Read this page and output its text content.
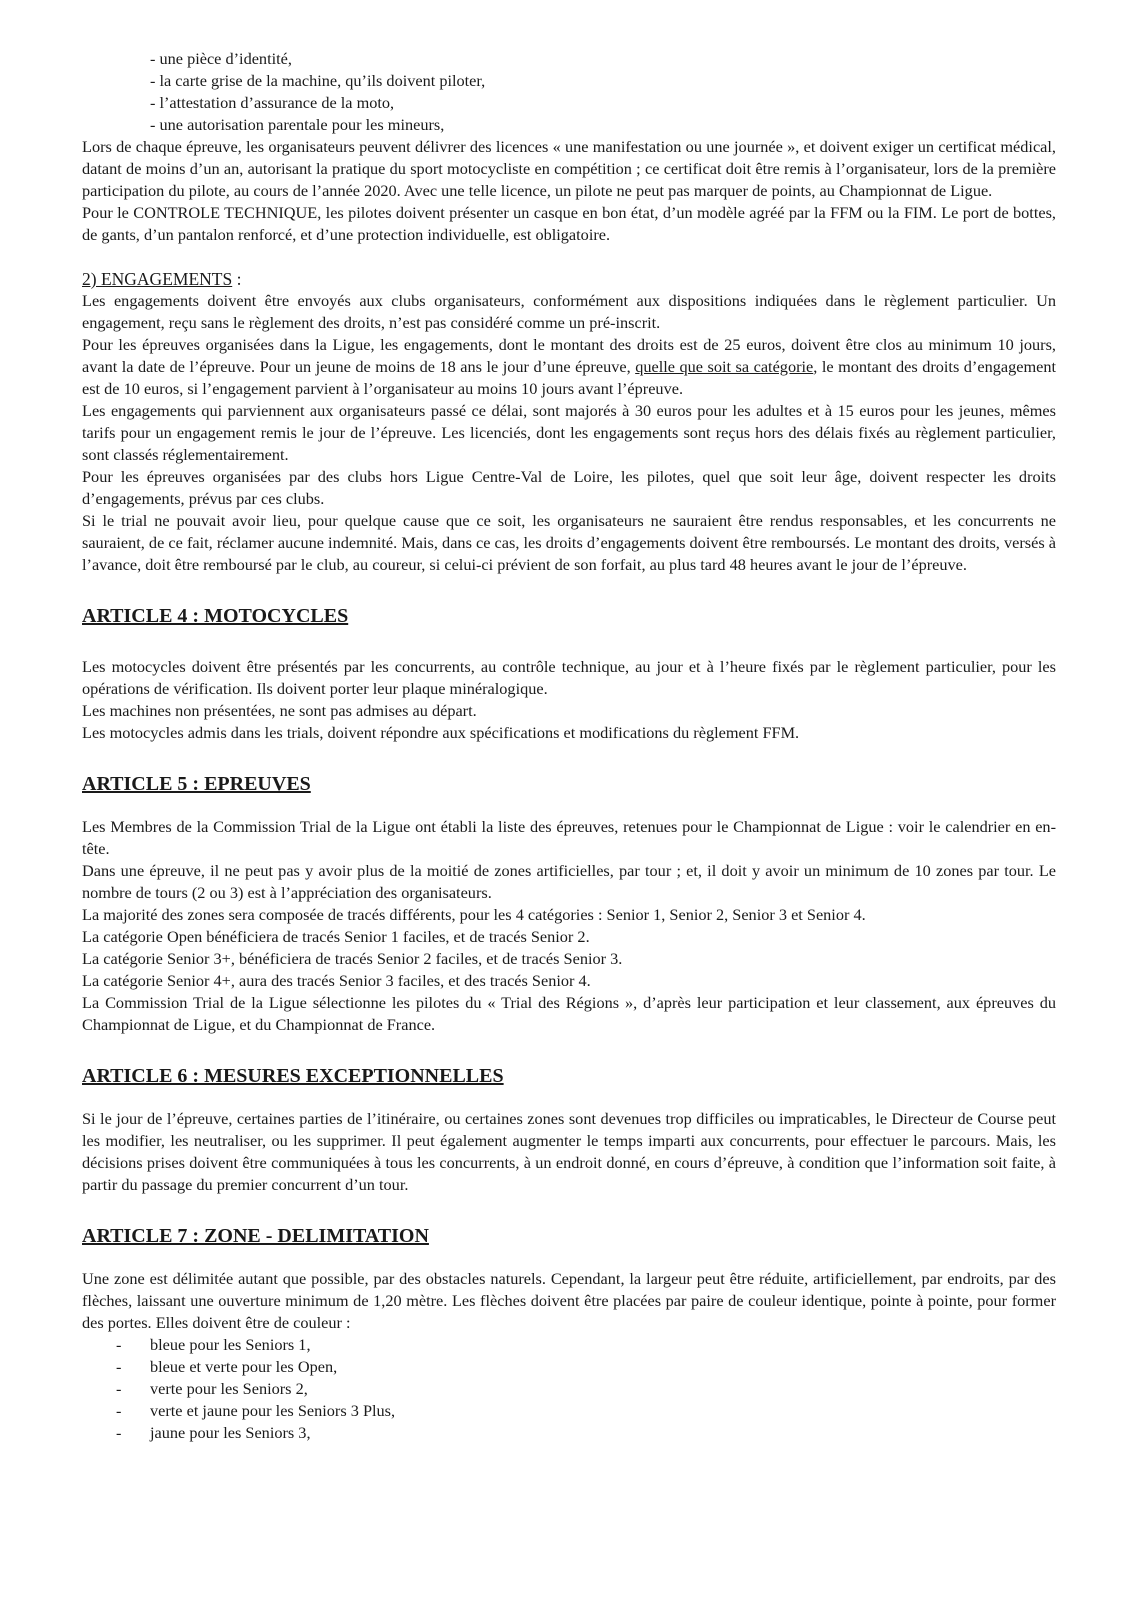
- une pièce d’identité,
- la carte grise de la machine, qu’ils doivent piloter,
- l’attestation d’assurance de la moto,
- une autorisation parentale pour les mineurs,

Lors de chaque épreuve, les organisateurs peuvent délivrer des licences « une manifestation ou une journée », et doivent exiger un certificat médical, datant de moins d’un an, autorisant la pratique du sport motocycliste en compétition ; ce certificat doit être remis à l’organisateur, lors de la première participation du pilote, au cours de l’année 2020. Avec une telle licence, un pilote ne peut pas marquer de points, au Championnat de Ligue.

Pour le CONTROLE TECHNIQUE, les pilotes doivent présenter un casque en bon état, d’un modèle agréé par la FFM ou la FIM. Le port de bottes, de gants, d’un pantalon renforcé, et d’une protection individuelle, est obligatoire.

2) ENGAGEMENTS :

Les engagements doivent être envoyés aux clubs organisateurs, conformément aux dispositions indiquées dans le règlement particulier. Un engagement, reçu sans le règlement des droits, n’est pas considéré comme un pré-inscrit.

Pour les épreuves organisées dans la Ligue, les engagements, dont le montant des droits est de 25 euros, doivent être clos au minimum 10 jours, avant la date de l’épreuve. Pour un jeune de moins de 18 ans le jour d’une épreuve, quelle que soit sa catégorie, le montant des droits d’engagement est de 10 euros, si l’engagement parvient à l’organisateur au moins 10 jours avant l’épreuve.

Les engagements qui parviennent aux organisateurs passé ce délai, sont majorés à 30 euros pour les adultes et à 15 euros pour les jeunes, mêmes tarifs pour un engagement remis le jour de l’épreuve. Les licenciés, dont les engagements sont reçus hors des délais fixés au règlement particulier, sont classés réglementairement.

Pour les épreuves organisées par des clubs hors Ligue Centre-Val de Loire, les pilotes, quel que soit leur âge, doivent respecter les droits d’engagements, prévus par ces clubs.

Si le trial ne pouvait avoir lieu, pour quelque cause que ce soit, les organisateurs ne sauraient être rendus responsables, et les concurrents ne sauraient, de ce fait, réclamer aucune indemnité. Mais, dans ce cas, les droits d’engagements doivent être remboursés. Le montant des droits, versés à l’avance, doit être remboursé par le club, au coureur, si celui-ci prévient de son forfait, au plus tard 48 heures avant le jour de l’épreuve.

ARTICLE 4 : MOTOCYCLES

Les motocycles doivent être présentés par les concurrents, au contrôle technique, au jour et à l’heure fixés par le règlement particulier, pour les opérations de vérification. Ils doivent porter leur plaque minéralogique.

Les machines non présentées, ne sont pas admises au départ.

Les motocycles admis dans les trials, doivent répondre aux spécifications et modifications du règlement FFM.

ARTICLE 5 : EPREUVES

Les Membres de la Commission Trial de la Ligue ont établi la liste des épreuves, retenues pour le Championnat de Ligue : voir le calendrier en en-tête.

Dans une épreuve, il ne peut pas y avoir plus de la moitié de zones artificielles, par tour ; et, il doit y avoir un minimum de 10 zones par tour. Le nombre de tours (2 ou 3) est à l’appréciation des organisateurs.

La majorité des zones sera composée de tracés différents, pour les 4 catégories : Senior 1, Senior 2, Senior 3 et Senior 4.

La catégorie Open bénéficiera de tracés Senior 1 faciles, et de tracés Senior 2.

La catégorie Senior 3+, bénéficiera de tracés Senior 2 faciles, et de tracés Senior 3.

La catégorie Senior 4+, aura des tracés Senior 3 faciles, et des tracés Senior 4.

La Commission Trial de la Ligue sélectionne les pilotes du « Trial des Régions », d’après leur participation et leur classement, aux épreuves du Championnat de Ligue, et du Championnat de France.

ARTICLE 6 : MESURES EXCEPTIONNELLES

Si le jour de l’épreuve, certaines parties de l’itinéraire, ou certaines zones sont devenues trop difficiles ou impraticables, le Directeur de Course peut les modifier, les neutraliser, ou les supprimer. Il peut également augmenter le temps imparti aux concurrents, pour effectuer le parcours. Mais, les décisions prises doivent être communiquées à tous les concurrents, à un endroit donné, en cours d’épreuve, à condition que l’information soit faite, à partir du passage du premier concurrent d’un tour.

ARTICLE 7 : ZONE - DELIMITATION

Une zone est délimitée autant que possible, par des obstacles naturels. Cependant, la largeur peut être réduite, artificiellement, par endroits, par des flèches, laissant une ouverture minimum de 1,20 mètre. Les flèches doivent être placées par paire de couleur identique, pointe à pointe, pour former des portes. Elles doivent être de couleur :

- bleue pour les Seniors 1,
- bleue et verte pour les Open,
- verte pour les Seniors 2,
- verte et jaune pour les Seniors 3 Plus,
- jaune pour les Seniors 3,
